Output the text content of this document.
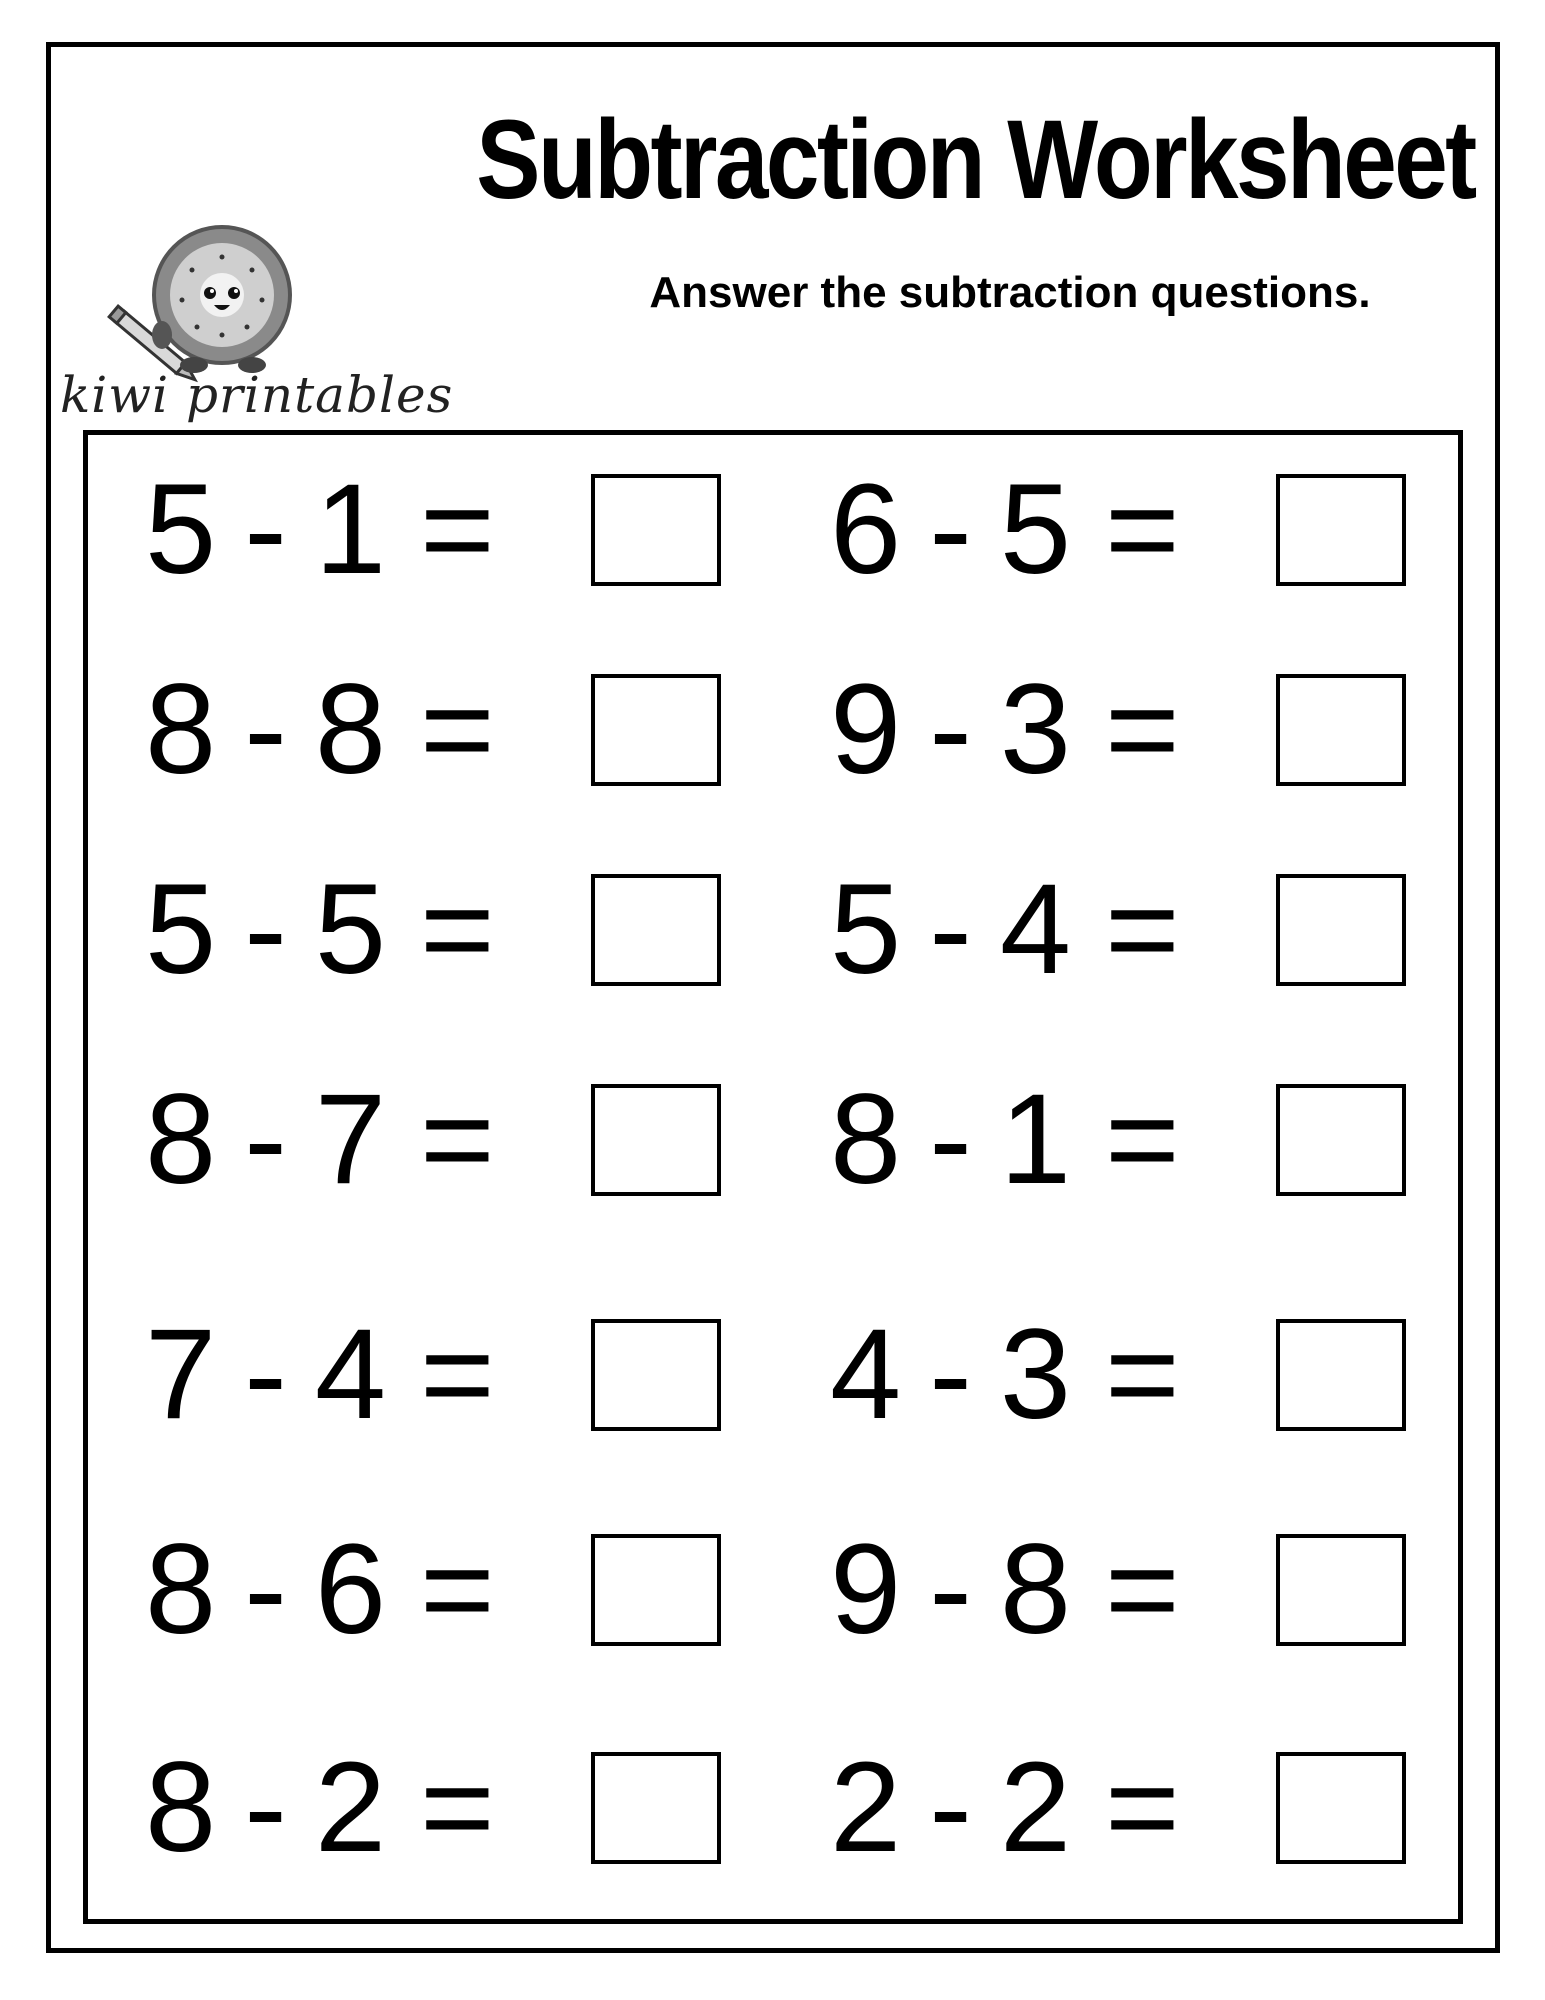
Subtraction Worksheet
Answer the subtraction questions.
kiwi printables
5 - 1 =	6 - 5 =
8 - 8 =	9 - 3 =
5 - 5 =	5 - 4 =
8 - 7 =	8 - 1 =
7 - 4 =	4 - 3 =
8 - 6 =	9 - 8 =
8 - 2 =	2 - 2 =
